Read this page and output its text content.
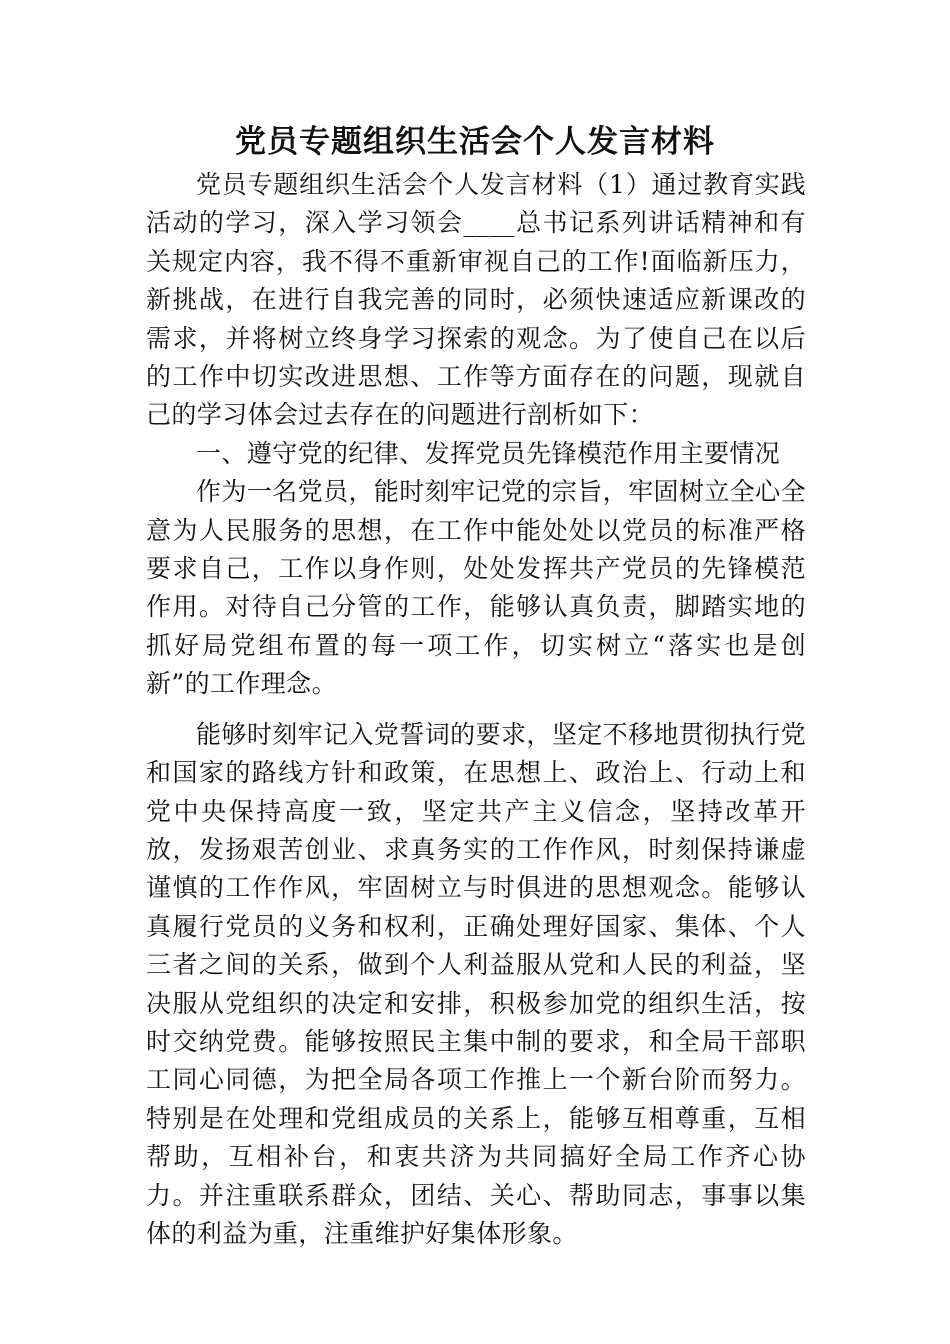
党员专题组织生活会个人发言材料

党员专题组织生活会个人发言材料（1）通过教育实践活动的学习，深入学习领会____总书记系列讲话精神和有关规定内容，我不得不重新审视自己的工作!面临新压力，新挑战，在进行自我完善的同时，必须快速适应新课改的需求，并将树立终身学习探索的观念。为了使自己在以后的工作中切实改进思想、工作等方面存在的问题，现就自己的学习体会过去存在的问题进行剖析如下：

一、遵守党的纪律、发挥党员先锋模范作用主要情况

作为一名党员，能时刻牢记党的宗旨，牢固树立全心全意为人民服务的思想，在工作中能处处以党员的标准严格要求自己，工作以身作则，处处发挥共产党员的先锋模范作用。对待自己分管的工作，能够认真负责，脚踏实地的抓好局党组布置的每一项工作，切实树立“落实也是创新”的工作理念。

能够时刻牢记入党誓词的要求，坚定不移地贯彻执行党和国家的路线方针和政策，在思想上、政治上、行动上和党中央保持高度一致，坚定共产主义信念，坚持改革开放，发扬艰苦创业、求真务实的工作作风，时刻保持谦虚谨慎的工作作风，牢固树立与时俱进的思想观念。能够认真履行党员的义务和权利，正确处理好国家、集体、个人三者之间的关系，做到个人利益服从党和人民的利益，坚决服从党组织的决定和安排，积极参加党的组织生活，按时交纳党费。能够按照民主集中制的要求，和全局干部职工同心同德，为把全局各项工作推上一个新台阶而努力。特别是在处理和党组成员的关系上，能够互相尊重，互相帮助，互相补台，和衷共济为共同搞好全局工作齐心协力。并注重联系群众，团结、关心、帮助同志，事事以集体的利益为重，注重维护好集体形象。
